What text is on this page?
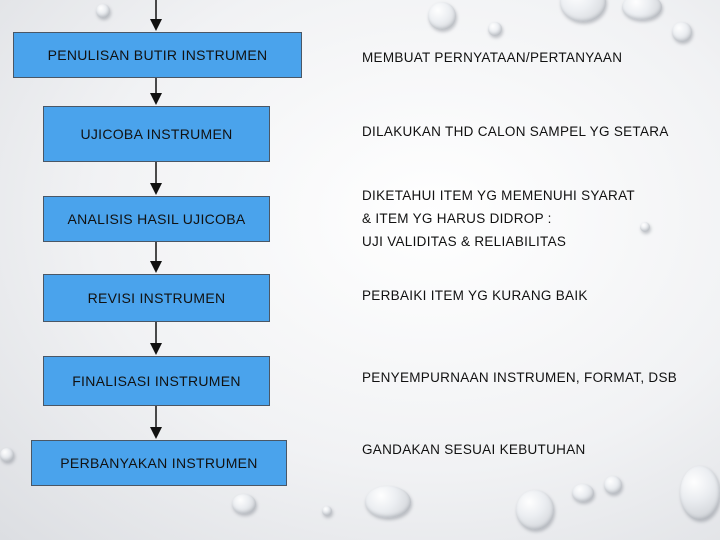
PENULISAN BUTIR INSTRUMEN
UJICOBA INSTRUMEN
ANALISIS HASIL UJICOBA
REVISI INSTRUMEN
FINALISASI INSTRUMEN
PERBANYAKAN INSTRUMEN
MEMBUAT PERNYATAAN/PERTANYAAN
DILAKUKAN THD CALON SAMPEL YG SETARA
DIKETAHUI ITEM YG MEMENUHI SYARAT
& ITEM YG HARUS DIDROP :
UJI VALIDITAS & RELIABILITAS
PERBAIKI ITEM YG KURANG BAIK
PENYEMPURNAAN INSTRUMEN, FORMAT, DSB
GANDAKAN SESUAI KEBUTUHAN
